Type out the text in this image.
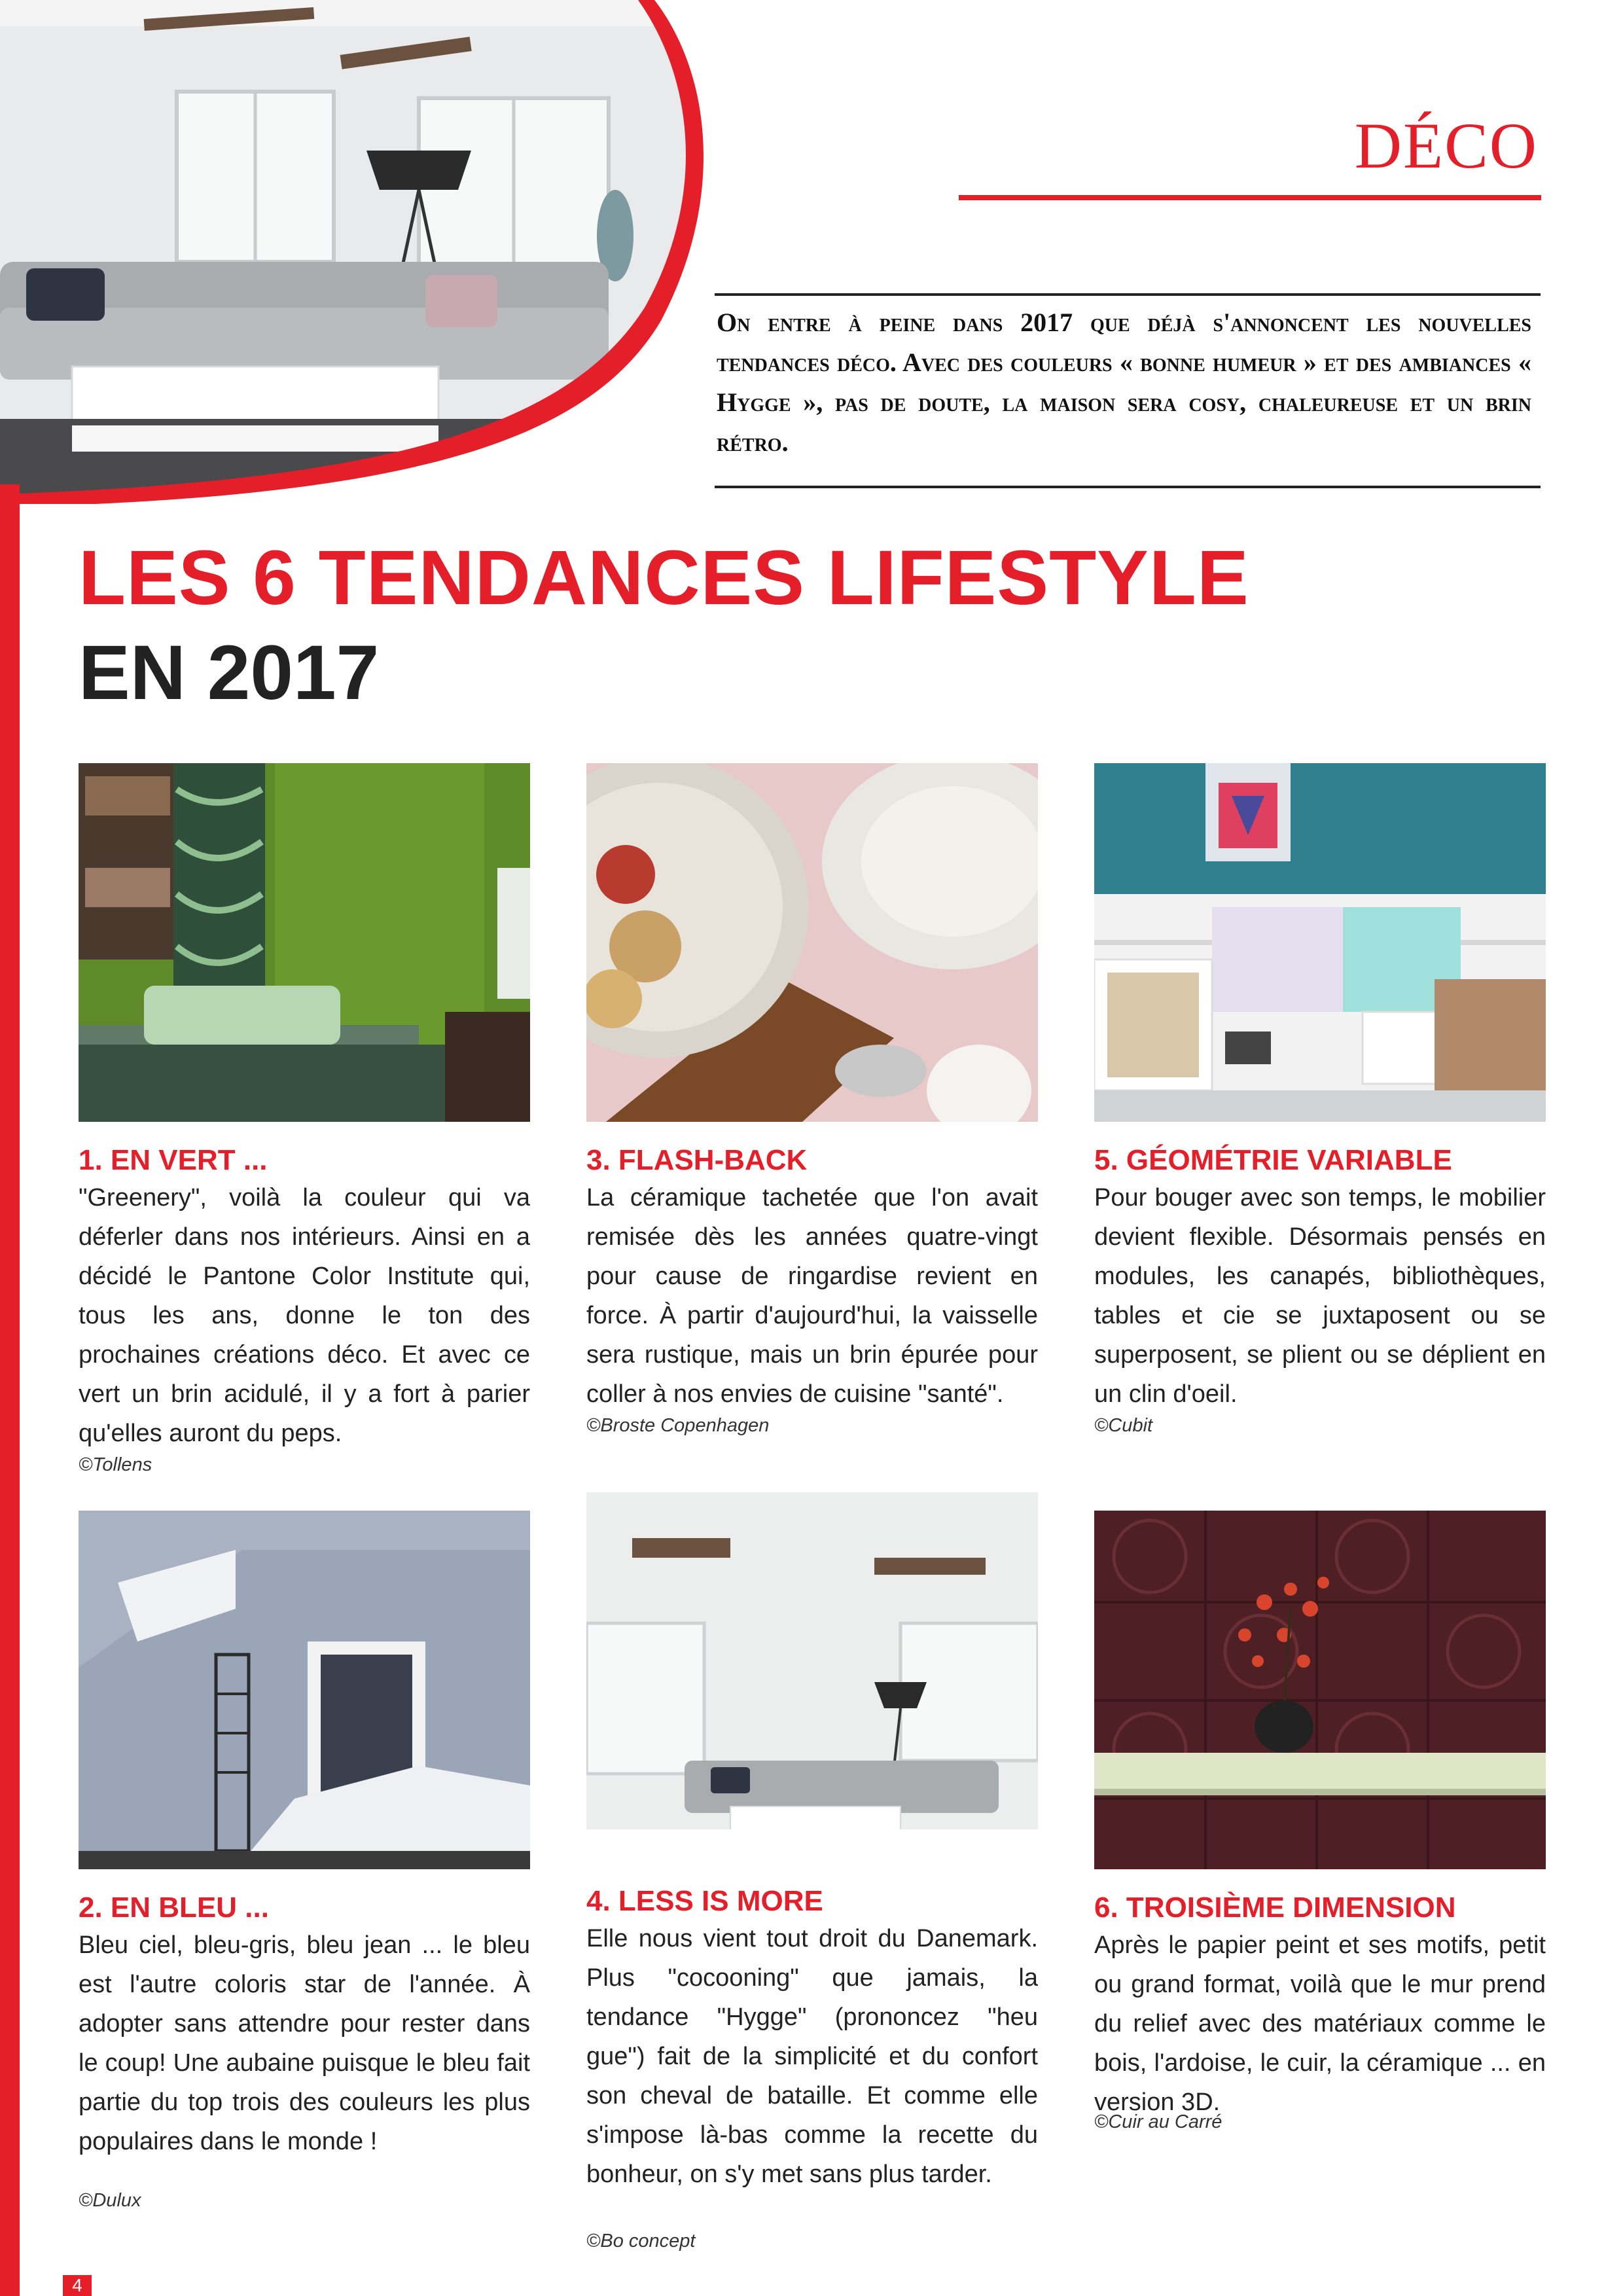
DÉCO
On entre à peine dans 2017 que déjà s'annoncent les nouvelles tendances déco. Avec des couleurs « bonne humeur » et des ambiances « Hygge », pas de doute, la maison sera cosy, chaleureuse et un brin rétro.
LES 6 TENDANCES LIFESTYLE
EN 2017
1. EN VERT ...
"Greenery", voilà la couleur qui va déferler dans nos intérieurs. Ainsi en a décidé le Pantone Color Institute qui, tous les ans, donne le ton des prochaines créations déco. Et avec ce vert un brin acidulé, il y a fort à parier qu'elles auront du peps.
©Tollens
3. FLASH-BACK
La céramique tachetée que l'on avait remisée dès les années quatre-vingt pour cause de ringardise revient en force. À partir d'aujourd'hui, la vaisselle sera rustique, mais un brin épurée pour coller à nos envies de cuisine "santé".
©Broste Copenhagen
5. GÉOMÉTRIE VARIABLE
Pour bouger avec son temps, le mobilier devient flexible. Désormais pensés en modules, les canapés, bibliothèques, tables et cie se juxtaposent ou se superposent, se plient ou se déplient en un clin d'oeil.
©Cubit
2. EN BLEU ...
Bleu ciel, bleu-gris, bleu jean ... le bleu est l'autre coloris star de l'année. À adopter sans attendre pour rester dans le coup! Une aubaine puisque le bleu fait partie du top trois des couleurs les plus populaires dans le monde !
©Dulux
4. LESS IS MORE
Elle nous vient tout droit du Danemark. Plus "cocooning" que jamais, la tendance "Hygge" (prononcez "heu gue") fait de la simplicité et du confort son cheval de bataille. Et comme elle s'impose là-bas comme la recette du bonheur, on s'y met sans plus tarder.
©Bo concept
6. TROISIÈME DIMENSION
Après le papier peint et ses motifs, petit ou grand format, voilà que le mur prend du relief avec des matériaux comme le bois, l'ardoise, le cuir, la céramique ... en version 3D.
©Cuir au Carré
4
